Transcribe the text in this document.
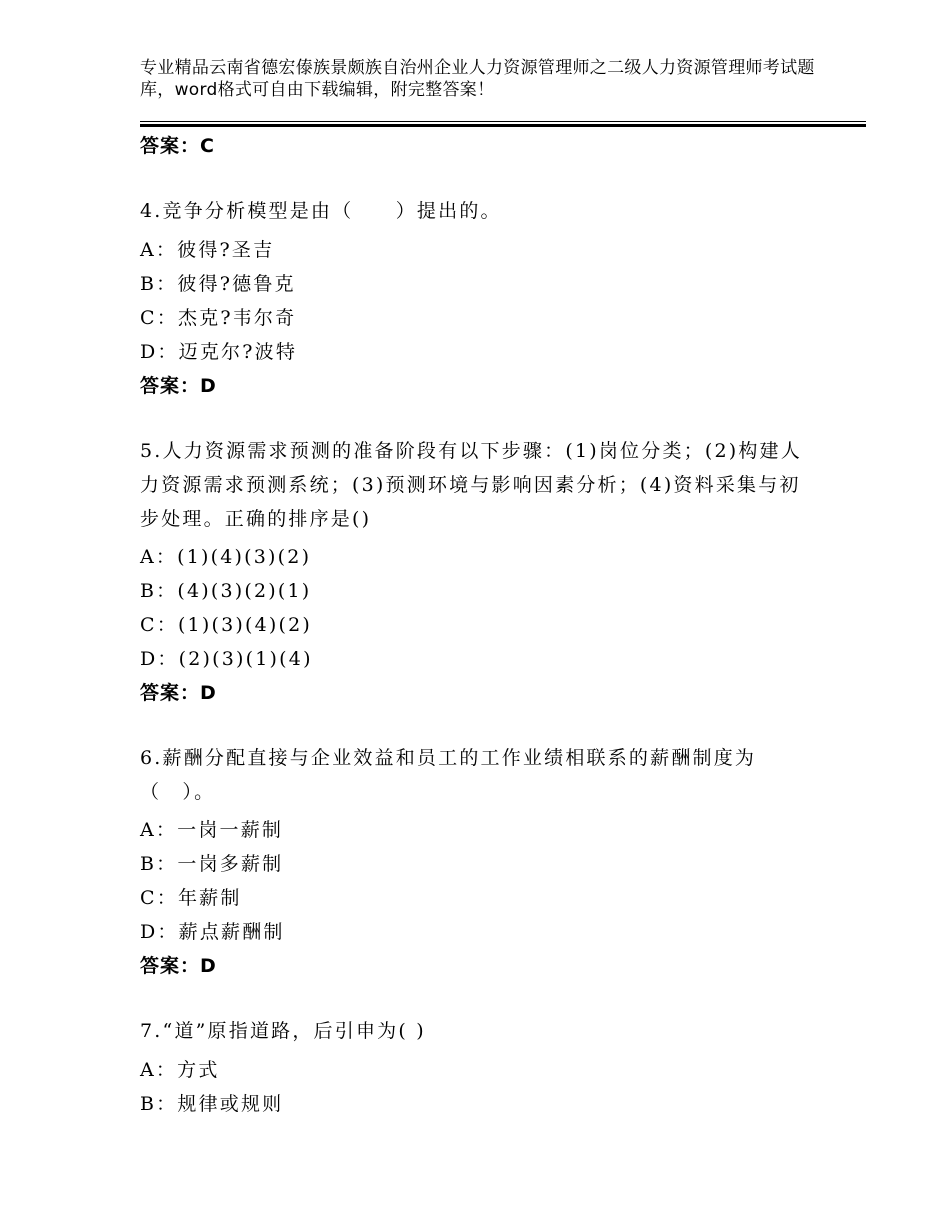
专业精品云南省德宏傣族景颇族自治州企业人力资源管理师之二级人力资源管理师考试题库，word格式可自由下载编辑，附完整答案！
答案：C
4.竞争分析模型是由（　　）提出的。
A：彼得?圣吉
B：彼得?德鲁克
C：杰克?韦尔奇
D：迈克尔?波特
答案：D
5.人力资源需求预测的准备阶段有以下步骤：(1)岗位分类；(2)构建人力资源需求预测系统；(3)预测环境与影响因素分析；(4)资料采集与初步处理。正确的排序是()
A：(1)(4)(3)(2)
B：(4)(3)(2)(1)
C：(1)(3)(4)(2)
D：(2)(3)(1)(4)
答案：D
6.薪酬分配直接与企业效益和员工的工作业绩相联系的薪酬制度为（　）。
A：一岗一薪制
B：一岗多薪制
C：年薪制
D：薪点薪酬制
答案：D
7.“道”原指道路，后引申为( )
A：方式
B：规律或规则
